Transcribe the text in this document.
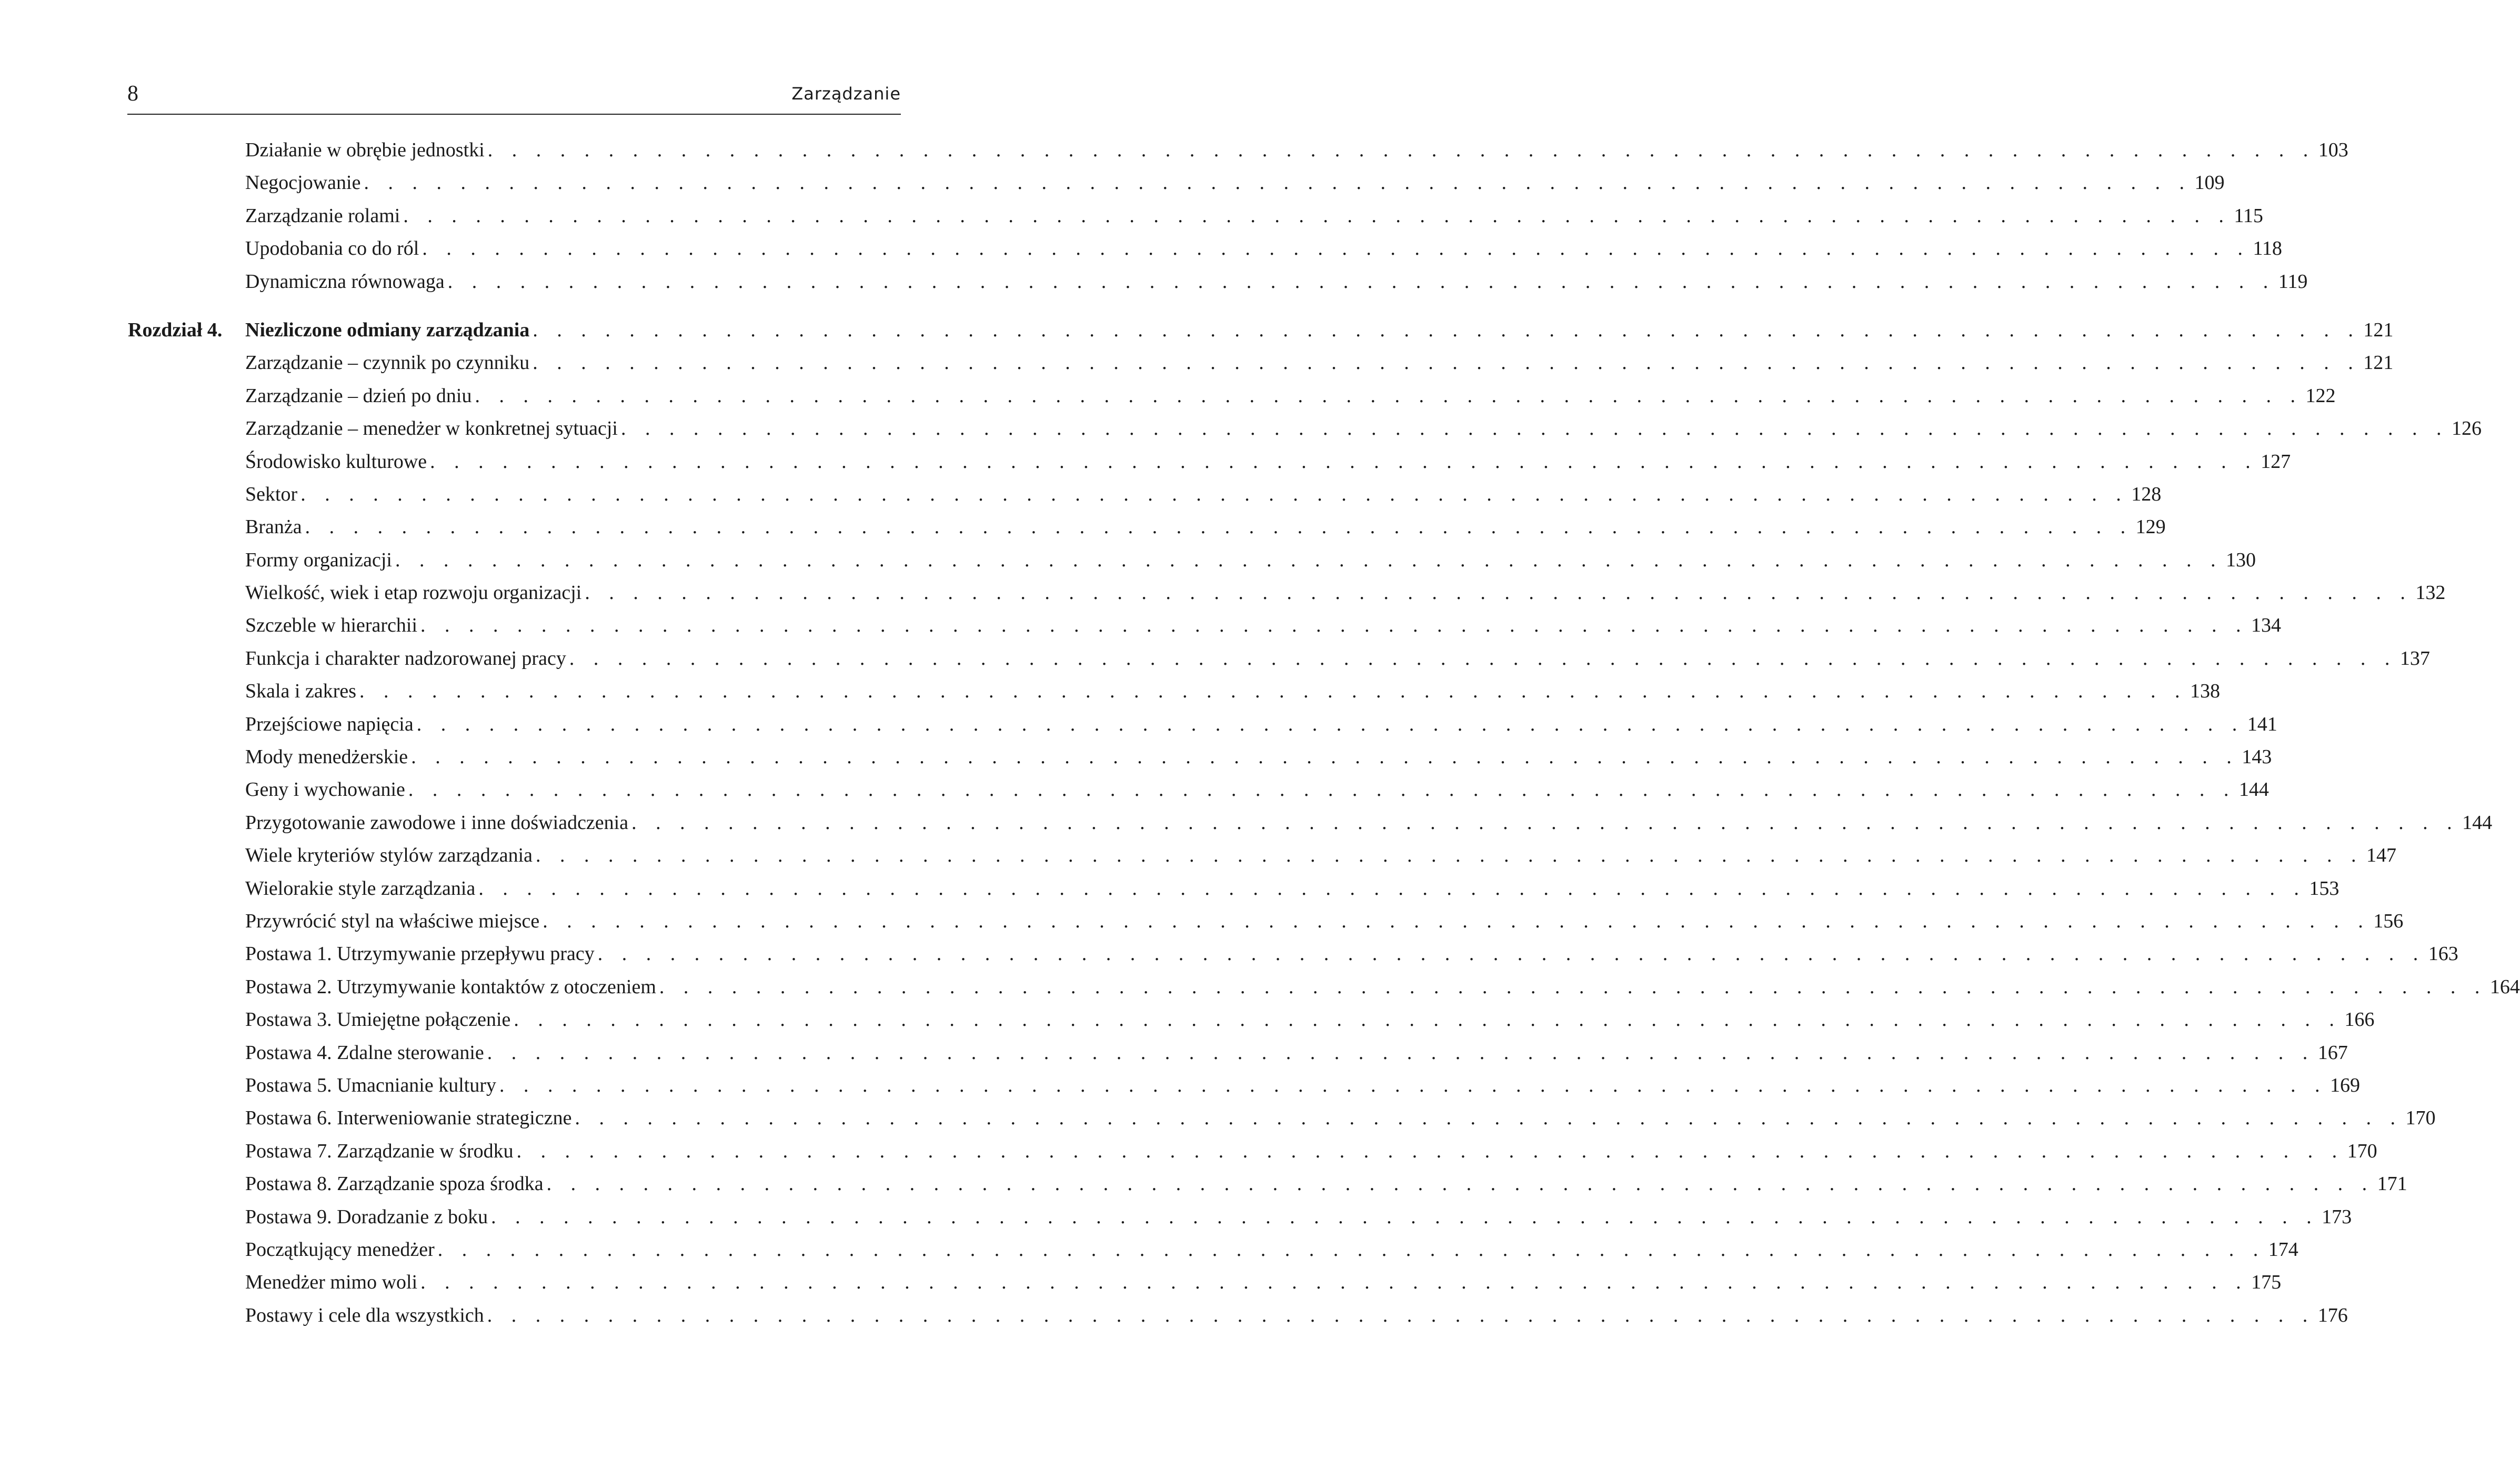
8	Zarządzanie
Działanie w obrębie jednostki . . . . . . . . . . . . . . . . . . . . . . . . . . . . . . . . . . . . . . . . . . . . . . . . . . . . . . . . . . . . . . . . . . . . . . . . . . . . 103
Negocjowanie . . . . . . . . . . . . . . . . . . . . . . . . . . . . . . . . . . . . . . . . . . . . . . . . . . . . . . . . . . . . . . . . . . . . . . . . . . . . 109
Zarządzanie rolami . . . . . . . . . . . . . . . . . . . . . . . . . . . . . . . . . . . . . . . . . . . . . . . . . . . . . . . . . . . . . . . . . . . . . . . . . . . . 115
Upodobania co do ról . . . . . . . . . . . . . . . . . . . . . . . . . . . . . . . . . . . . . . . . . . . . . . . . . . . . . . . . . . . . . . . . . . . . . . . . . . . . 118
Dynamiczna równowaga . . . . . . . . . . . . . . . . . . . . . . . . . . . . . . . . . . . . . . . . . . . . . . . . . . . . . . . . . . . . . . . . . . . . . . . . . . . . 119
Rozdział 4. Niezliczone odmiany zarządzania . . . . . . . . . . . . . . . . . . . . . . . . . . . . . . . . . . . . . . . . . . . . . . . . . . . . . . . . . . . . . . . . . . . . . . . . . . . . 121
Zarządzanie – czynnik po czynniku . . . . . . . . . . . . . . . . . . . . . . . . . . . . . . . . . . . . . . . . . . . . . . . . . . . . . . . . . . . . . . . . . . . . . . . . . . . . 121
Zarządzanie – dzień po dniu . . . . . . . . . . . . . . . . . . . . . . . . . . . . . . . . . . . . . . . . . . . . . . . . . . . . . . . . . . . . . . . . . . . . . . . . . . . . 122
Zarządzanie – menedżer w konkretnej sytuacji . . . . . . . . . . . . . . . . . . . . . . . . . . . . . . . . . . . . . . . . . . . . . . . . . . . . . . . . . . . . . . . . . . . . . . . . . . . . 126
Środowisko kulturowe . . . . . . . . . . . . . . . . . . . . . . . . . . . . . . . . . . . . . . . . . . . . . . . . . . . . . . . . . . . . . . . . . . . . . . . . . . . . 127
Sektor . . . . . . . . . . . . . . . . . . . . . . . . . . . . . . . . . . . . . . . . . . . . . . . . . . . . . . . . . . . . . . . . . . . . . . . . . . . . 128
Branża . . . . . . . . . . . . . . . . . . . . . . . . . . . . . . . . . . . . . . . . . . . . . . . . . . . . . . . . . . . . . . . . . . . . . . . . . . . . 129
Formy organizacji . . . . . . . . . . . . . . . . . . . . . . . . . . . . . . . . . . . . . . . . . . . . . . . . . . . . . . . . . . . . . . . . . . . . . . . . . . . . 130
Wielkość, wiek i etap rozwoju organizacji . . . . . . . . . . . . . . . . . . . . . . . . . . . . . . . . . . . . . . . . . . . . . . . . . . . . . . . . . . . . . . . . . . . . . . . . . . . . 132
Szczeble w hierarchii . . . . . . . . . . . . . . . . . . . . . . . . . . . . . . . . . . . . . . . . . . . . . . . . . . . . . . . . . . . . . . . . . . . . . . . . . . . . 134
Funkcja i charakter nadzorowanej pracy . . . . . . . . . . . . . . . . . . . . . . . . . . . . . . . . . . . . . . . . . . . . . . . . . . . . . . . . . . . . . . . . . . . . . . . . . . . . 137
Skala i zakres . . . . . . . . . . . . . . . . . . . . . . . . . . . . . . . . . . . . . . . . . . . . . . . . . . . . . . . . . . . . . . . . . . . . . . . . . . . . 138
Przejściowe napięcia . . . . . . . . . . . . . . . . . . . . . . . . . . . . . . . . . . . . . . . . . . . . . . . . . . . . . . . . . . . . . . . . . . . . . . . . . . . . 141
Mody menedżerskie . . . . . . . . . . . . . . . . . . . . . . . . . . . . . . . . . . . . . . . . . . . . . . . . . . . . . . . . . . . . . . . . . . . . . . . . . . . . 143
Geny i wychowanie . . . . . . . . . . . . . . . . . . . . . . . . . . . . . . . . . . . . . . . . . . . . . . . . . . . . . . . . . . . . . . . . . . . . . . . . . . . . 144
Przygotowanie zawodowe i inne doświadczenia . . . . . . . . . . . . . . . . . . . . . . . . . . . . . . . . . . . . . . . . . . . . . . . . . . . . . . . . . . . . . . . . . . . . . . . . . . . . 144
Wiele kryteriów stylów zarządzania . . . . . . . . . . . . . . . . . . . . . . . . . . . . . . . . . . . . . . . . . . . . . . . . . . . . . . . . . . . . . . . . . . . . . . . . . . . . 147
Wielorakie style zarządzania . . . . . . . . . . . . . . . . . . . . . . . . . . . . . . . . . . . . . . . . . . . . . . . . . . . . . . . . . . . . . . . . . . . . . . . . . . . . 153
Przywrócić styl na właściwe miejsce . . . . . . . . . . . . . . . . . . . . . . . . . . . . . . . . . . . . . . . . . . . . . . . . . . . . . . . . . . . . . . . . . . . . . . . . . . . . 156
Postawa 1. Utrzymywanie przepływu pracy . . . . . . . . . . . . . . . . . . . . . . . . . . . . . . . . . . . . . . . . . . . . . . . . . . . . . . . . . . . . . . . . . . . . . . . . . . . . 163
Postawa 2. Utrzymywanie kontaktów z otoczeniem . . . . . . . . . . . . . . . . . . . . . . . . . . . . . . . . . . . . . . . . . . . . . . . . . . . . . . . . . . . . . . . . . . . . . . . . . . . . 164
Postawa 3. Umiejętne połączenie . . . . . . . . . . . . . . . . . . . . . . . . . . . . . . . . . . . . . . . . . . . . . . . . . . . . . . . . . . . . . . . . . . . . . . . . . . . . 166
Postawa 4. Zdalne sterowanie . . . . . . . . . . . . . . . . . . . . . . . . . . . . . . . . . . . . . . . . . . . . . . . . . . . . . . . . . . . . . . . . . . . . . . . . . . . . 167
Postawa 5. Umacnianie kultury . . . . . . . . . . . . . . . . . . . . . . . . . . . . . . . . . . . . . . . . . . . . . . . . . . . . . . . . . . . . . . . . . . . . . . . . . . . . 169
Postawa 6. Interweniowanie strategiczne . . . . . . . . . . . . . . . . . . . . . . . . . . . . . . . . . . . . . . . . . . . . . . . . . . . . . . . . . . . . . . . . . . . . . . . . . . . . 170
Postawa 7. Zarządzanie w środku . . . . . . . . . . . . . . . . . . . . . . . . . . . . . . . . . . . . . . . . . . . . . . . . . . . . . . . . . . . . . . . . . . . . . . . . . . . . 170
Postawa 8. Zarządzanie spoza środka . . . . . . . . . . . . . . . . . . . . . . . . . . . . . . . . . . . . . . . . . . . . . . . . . . . . . . . . . . . . . . . . . . . . . . . . . . . . 171
Postawa 9. Doradzanie z boku . . . . . . . . . . . . . . . . . . . . . . . . . . . . . . . . . . . . . . . . . . . . . . . . . . . . . . . . . . . . . . . . . . . . . . . . . . . . 173
Początkujący menedżer . . . . . . . . . . . . . . . . . . . . . . . . . . . . . . . . . . . . . . . . . . . . . . . . . . . . . . . . . . . . . . . . . . . . . . . . . . . . 174
Menedżer mimo woli . . . . . . . . . . . . . . . . . . . . . . . . . . . . . . . . . . . . . . . . . . . . . . . . . . . . . . . . . . . . . . . . . . . . . . . . . . . . 175
Postawy i cele dla wszystkich . . . . . . . . . . . . . . . . . . . . . . . . . . . . . . . . . . . . . . . . . . . . . . . . . . . . . . . . . . . . . . . . . . . . . . . . . . . . 176
